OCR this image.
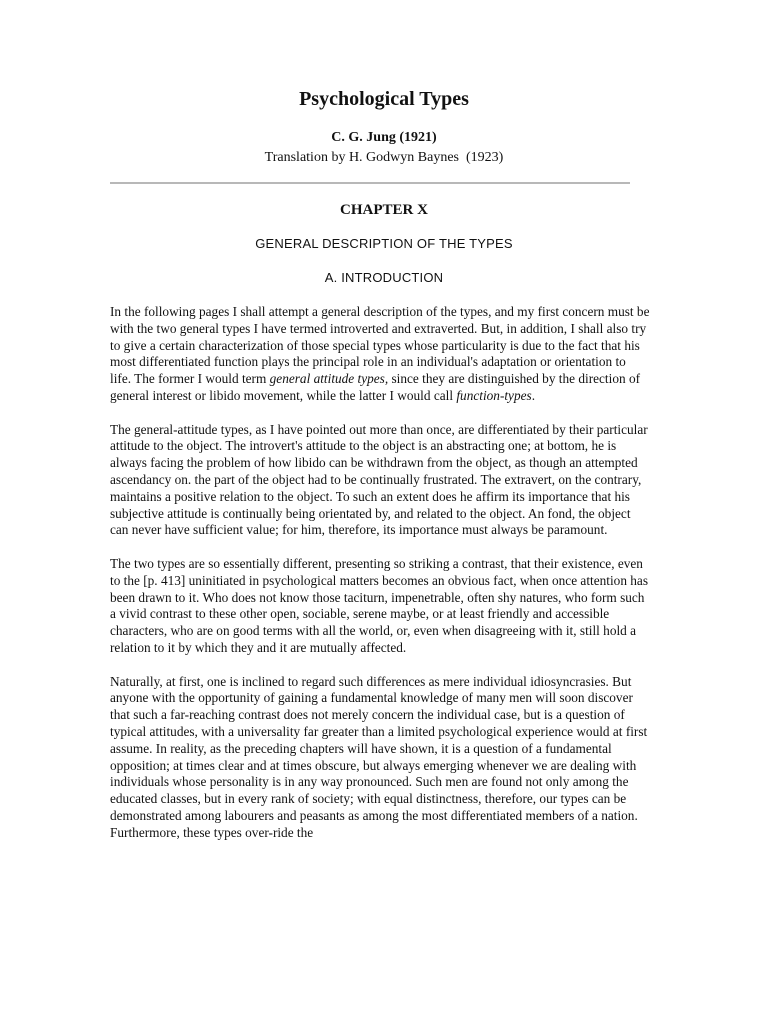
Psychological Types
C. G. Jung (1921)
Translation by H. Godwyn Baynes  (1923)
CHAPTER X
GENERAL DESCRIPTION OF THE TYPES
A. INTRODUCTION

In the following pages I shall attempt a general description of the types, and my first concern must be with the two general types I have termed introverted and extraverted. But, in addition, I shall also try to give a certain characterization of those special types whose particularity is due to the fact that his most differentiated function plays the principal role in an individual's adaptation or orientation to life. The former I would term general attitude types, since they are distinguished by the direction of general interest or libido movement, while the latter I would call function-types.

The general-attitude types, as I have pointed out more than once, are differentiated by their particular attitude to the object. The introvert's attitude to the object is an abstracting one; at bottom, he is always facing the problem of how libido can be withdrawn from the object, as though an attempted ascendancy on. the part of the object had to be continually frustrated. The extravert, on the contrary, maintains a positive relation to the object. To such an extent does he affirm its importance that his subjective attitude is continually being orientated by, and related to the object. An fond, the object can never have sufficient value; for him, therefore, its importance must always be paramount.

The two types are so essentially different, presenting so striking a contrast, that their existence, even to the [p. 413] uninitiated in psychological matters becomes an obvious fact, when once attention has been drawn to it. Who does not know those taciturn, impenetrable, often shy natures, who form such a vivid contrast to these other open, sociable, serene maybe, or at least friendly and accessible characters, who are on good terms with all the world, or, even when disagreeing with it, still hold a relation to it by which they and it are mutually affected.

Naturally, at first, one is inclined to regard such differences as mere individual idiosyncrasies. But anyone with the opportunity of gaining a fundamental knowledge of many men will soon discover that such a far-reaching contrast does not merely concern the individual case, but is a question of typical attitudes, with a universality far greater than a limited psychological experience would at first assume. In reality, as the preceding chapters will have shown, it is a question of a fundamental opposition; at times clear and at times obscure, but always emerging whenever we are dealing with individuals whose personality is in any way pronounced. Such men are found not only among the educated classes, but in every rank of society; with equal distinctness, therefore, our types can be demonstrated among labourers and peasants as among the most differentiated members of a nation. Furthermore, these types over-ride the
